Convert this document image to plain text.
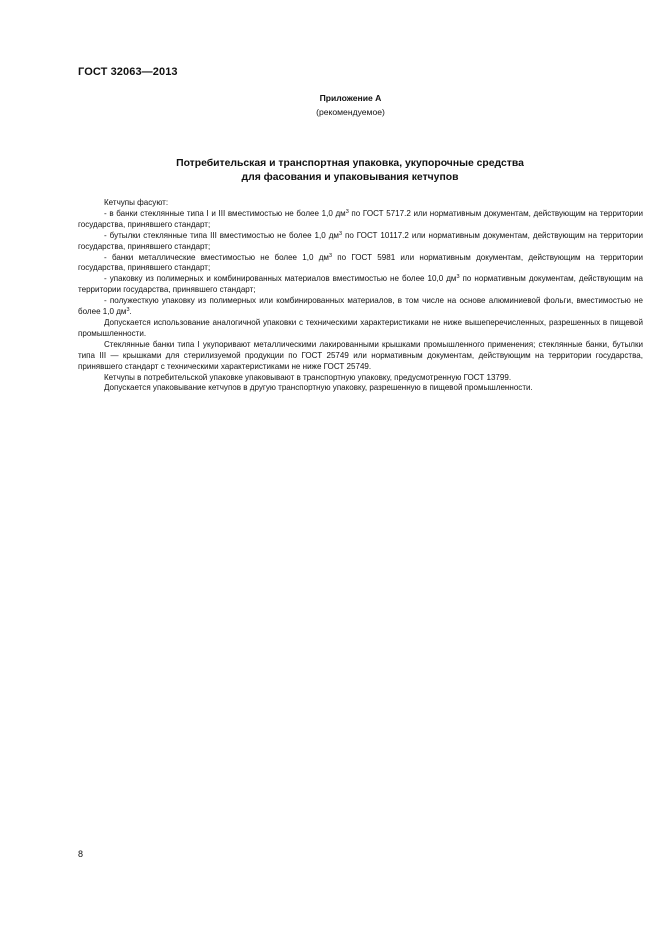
ГОСТ 32063—2013
Приложение А
(рекомендуемое)
Потребительская и транспортная упаковка, укупорочные средства
для фасования и упаковывания кетчупов

Кетчупы фасуют:

- в банки стеклянные типа I и III вместимостью не более 1,0 $дм^3$ по ГОСТ 5717.2 или нормативным документам, действующим на территории государства, принявшего стандарт;

- бутылки стеклянные типа III вместимостью не более 1,0 $дм^3$ по ГОСТ 10117.2 или нормативным документам, действующим на территории государства, принявшего стандарт;

- банки металлические вместимостью не более 1,0 $дм^3$ по ГОСТ 5981 или нормативным документам, действующим на территории государства, принявшего стандарт;

- упаковку из полимерных и комбинированных материалов вместимостью не более 10,0 $дм^3$ по нормативным документам, действующим на территории государства, принявшего стандарт;

- полужесткую упаковку из полимерных или комбинированных материалов, в том числе на основе алюминиевой фольги, вместимостью не более 1,0 $дм^3$.

Допускается использование аналогичной упаковки с техническими характеристиками не ниже вышеперечисленных, разрешенных в пищевой промышленности.

Стеклянные банки типа I укупоривают металлическими лакированными крышками промышленного применения; стеклянные банки, бутылки типа III — крышками для стерилизуемой продукции по ГОСТ 25749 или нормативным документам, действующим на территории государства, принявшего стандарт с техническими характеристиками не ниже ГОСТ 25749.

Кетчупы в потребительской упаковке упаковывают в транспортную упаковку, предусмотренную ГОСТ 13799.

Допускается упаковывание кетчупов в другую транспортную упаковку, разрешенную в пищевой промышленности.

8
